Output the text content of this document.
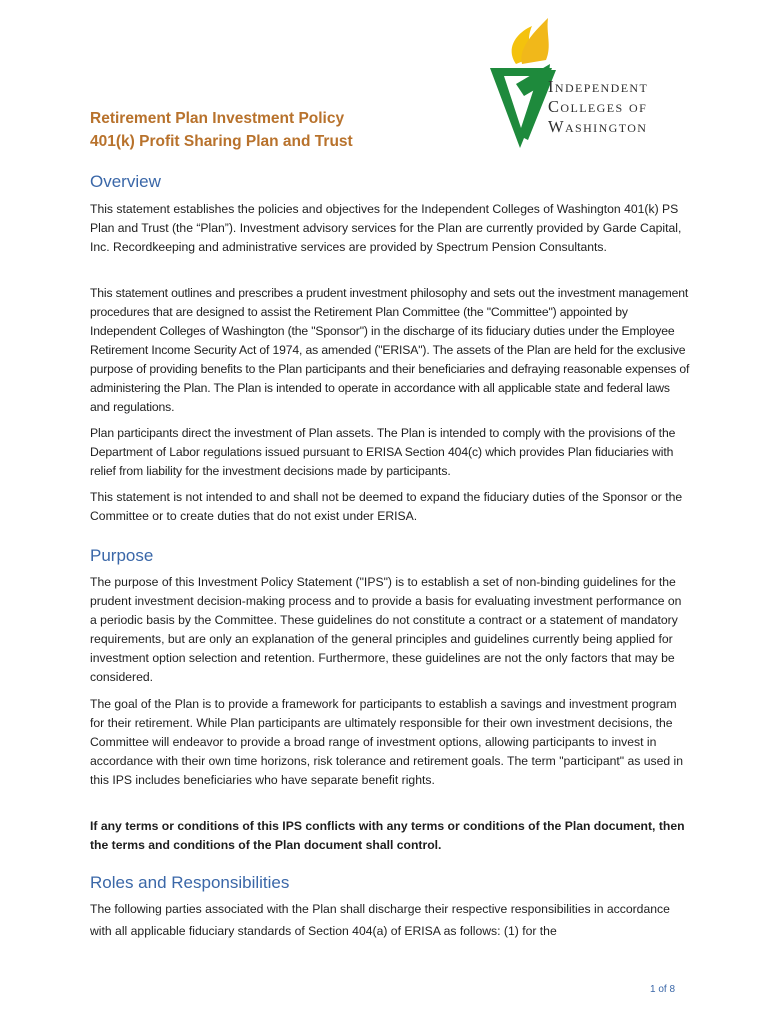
Independent
Colleges of
Washington
Retirement Plan Investment Policy
401(k) Profit Sharing Plan and Trust
Overview

This statement establishes the policies and objectives for the Independent Colleges of Washington 401(k) PS Plan and Trust (the “Plan”). Investment advisory services for the Plan are currently provided by Garde Capital, Inc. Recordkeeping and administrative services are provided by Spectrum Pension Consultants.

This statement outlines and prescribes a prudent investment philosophy and sets out the investment management procedures that are designed to assist the Retirement Plan Committee (the "Committee") appointed by Independent Colleges of Washington (the "Sponsor") in the discharge of its fiduciary duties under the Employee Retirement Income Security Act of 1974, as amended ("ERISA"). The assets of the Plan are held for the exclusive purpose of providing benefits to the Plan participants and their beneficiaries and defraying reasonable expenses of administering the Plan. The Plan is intended to operate in accordance with all applicable state and federal laws and regulations.

Plan participants direct the investment of Plan assets. The Plan is intended to comply with the provisions of the Department of Labor regulations issued pursuant to ERISA Section 404(c) which provides Plan fiduciaries with relief from liability for the investment decisions made by participants.

This statement is not intended to and shall not be deemed to expand the fiduciary duties of the Sponsor or the Committee or to create duties that do not exist under ERISA.

Purpose

The purpose of this Investment Policy Statement ("IPS") is to establish a set of non-binding guidelines for the prudent investment decision-making process and to provide a basis for evaluating investment performance on a periodic basis by the Committee. These guidelines do not constitute a contract or a statement of mandatory requirements, but are only an explanation of the general principles and guidelines currently being applied for investment option selection and retention. Furthermore, these guidelines are not the only factors that may be considered.

The goal of the Plan is to provide a framework for participants to establish a savings and investment program for their retirement. While Plan participants are ultimately responsible for their own investment decisions, the Committee will endeavor to provide a broad range of investment options, allowing participants to invest in accordance with their own time horizons, risk tolerance and retirement goals. The term "participant" as used in this IPS includes beneficiaries who have separate benefit rights.

If any terms or conditions of this IPS conflicts with any terms or conditions of the Plan document, then the terms and conditions of the Plan document shall control.

Roles and Responsibilities

The following parties associated with the Plan shall discharge their respective responsibilities in accordance with all applicable fiduciary standards of Section 404(a) of ERISA as follows: (1) for the

1 of 8
